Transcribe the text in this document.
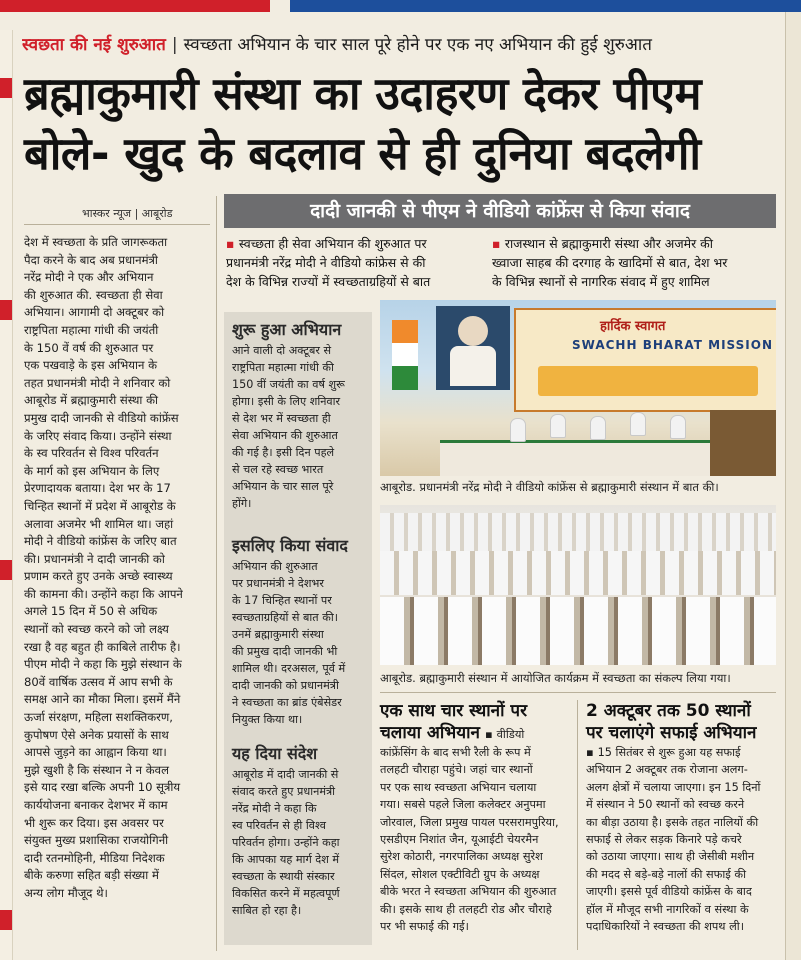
स्वछता की नई शुरुआत | स्वच्छता अभियान के चार साल पूरे होने पर एक नए अभियान की हुई शुरुआत
ब्रह्माकुमारी संस्था का उदाहरण देकर पीएम
बोले- खुद के बदलाव से ही दुनिया बदलेगी
भास्कर न्यूज | आबूरोड
देश में स्वच्छता के प्रति जागरूकता
पैदा करने के बाद अब प्रधानमंत्री
नरेंद्र मोदी ने एक और अभियान
की शुरुआत की. स्वच्छता ही सेवा
अभियान। आगामी दो अक्टूबर को
राष्ट्रपिता महात्मा गांधी की जयंती
के 150 वें वर्ष की शुरुआत पर
एक पखवाड़े के इस अभियान के
तहत प्रधानमंत्री मोदी ने शनिवार को
आबूरोड में ब्रह्माकुमारी संस्था की
प्रमुख दादी जानकी से वीडियो कांफ्रेंस
के जरिए संवाद किया। उन्होंने संस्था
के स्व परिवर्तन से विश्व परिवर्तन
के मार्ग को इस अभियान के लिए
प्रेरणादायक बताया। देश भर के 17
चिन्हित स्थानों में प्रदेश में आबूरोड के
अलावा अजमेर भी शामिल था। जहां
मोदी ने वीडियो कांफ्रेंस के जरिए बात
की। प्रधानमंत्री ने दादी जानकी को
प्रणाम करते हुए उनके अच्छे स्वास्थ्य
की कामना की। उन्होंने कहा कि आपने
अगले 15 दिन में 50 से अधिक
स्थानों को स्वच्छ करने को जो लक्ष्य
रखा है वह बहुत ही काबिले तारीफ है।
पीएम मोदी ने कहा कि मुझे संस्थान के
80वें वार्षिक उत्सव में आप सभी के
समक्ष आने का मौका मिला। इसमें मैंने
ऊर्जा संरक्षण, महिला सशक्तिकरण,
कुपोषण ऐसे अनेक प्रयासों के साथ
आपसे जुड़ने का आह्वान किया था।
मुझे खुशी है कि संस्थान ने न केवल
इसे याद रखा बल्कि अपनी 10 सूत्रीय
कार्ययोजना बनाकर देशभर में काम
भी शुरू कर दिया। इस अवसर पर
संयुक्त मुख्य प्रशासिका राजयोगिनी
दादी रतनमोहिनी, मीडिया निदेशक
बीके करुणा सहित बड़ी संख्या में
अन्य लोग मौजूद थे।
दादी जानकी से पीएम ने वीडियो कांफ्रेंस से किया संवाद
▪ स्वच्छता ही सेवा अभियान की शुरुआत पर
प्रधानमंत्री नरेंद्र मोदी ने वीडियो कांफ्रेस से की
देश के विभिन्न राज्यों में स्वच्छताग्रहियों से बात
▪ राजस्थान से ब्रह्माकुमारी संस्था और अजमेर की
ख्वाजा साहब की दरगाह के खादिमों से बात, देश भर
के विभिन्न स्थानों से नागरिक संवाद में हुए शामिल
शुरू हुआ अभियान
आने वाली दो अक्टूबर से
राष्ट्रपिता महात्मा गांधी की
150 वीं जयंती का वर्ष शुरू
होगा। इसी के लिए शनिवार
से देश भर में स्वच्छता ही
सेवा अभियान की शुरुआत
की गई है। इसी दिन पहले
से चल रहे स्वच्छ भारत
अभियान के चार साल पूरे
होंगे।
इसलिए किया संवाद
अभियान की शुरुआत
पर प्रधानमंत्री ने देशभर
के 17 चिन्हित स्थानों पर
स्वच्छताग्रहियों से बात की।
उनमें ब्रह्माकुमारी संस्था
की प्रमुख दादी जानकी भी
शामिल थी। दरअसल, पूर्व में
दादी जानकी को प्रधानमंत्री
ने स्वच्छता का ब्रांड एंबेसेडर
नियुक्त किया था।
यह दिया संदेश
आबूरोड में दादी जानकी से
संवाद करते हुए प्रधानमंत्री
नरेंद्र मोदी ने कहा कि
स्व परिवर्तन से ही विश्व
परिवर्तन होगा। उन्होंने कहा
कि आपका यह मार्ग देश में
स्वच्छता के स्थायी संस्कार
विकसित करने में महत्वपूर्ण
साबित हो रहा है।
हार्दिक स्वागत
SWACHH BHARAT MISSION
आबूरोड. प्रधानमंत्री नरेंद्र मोदी ने वीडियो कांफ्रेंस से ब्रह्माकुमारी संस्थान में बात की।
आबूरोड. ब्रह्माकुमारी संस्थान में आयोजित कार्यक्रम में स्वच्छता का संकल्प लिया गया।
एक साथ चार स्थानों पर
चलाया अभियान ▪ वीडियो
कांफ्रेंसिंग के बाद सभी रैली के रूप में
तलहटी चौराहा पहुंचे। जहां चार स्थानों
पर एक साथ स्वच्छता अभियान चलाया
गया। सबसे पहले जिला कलेक्टर अनुपमा
जोरवाल, जिला प्रमुख पायल परसरामपुरिया,
एसडीएम निशांत जैन, यूआईटी चेयरमैन
सुरेश कोठारी, नगरपालिका अध्यक्ष सुरेश
सिंदल, सोशल एक्टीविटी ग्रुप के अध्यक्ष
बीके भरत ने स्वच्छता अभियान की शुरुआत
की। इसके साथ ही तलहटी रोड और चौराहे
पर भी सफाई की गई।
2 अक्टूबर तक 50 स्थानों
पर चलाएंगे सफाई अभियान
▪ 15 सितंबर से शुरू हुआ यह सफाई
अभियान 2 अक्टूबर तक रोजाना अलग-
अलग क्षेत्रों में चलाया जाएगा। इन 15 दिनों
में संस्थान ने 50 स्थानों को स्वच्छ करने
का बीड़ा उठाया है। इसके तहत नालियों की
सफाई से लेकर सड़क किनारे पड़े कचरे
को उठाया जाएगा। साथ ही जेसीबी मशीन
की मदद से बड़े-बड़े नालों की सफाई की
जाएगी। इससे पूर्व वीडियो कांफ्रेंस के बाद
हॉल में मौजूद सभी नागरिकों व संस्था के
पदाधिकारियों ने स्वच्छता की शपथ ली।
